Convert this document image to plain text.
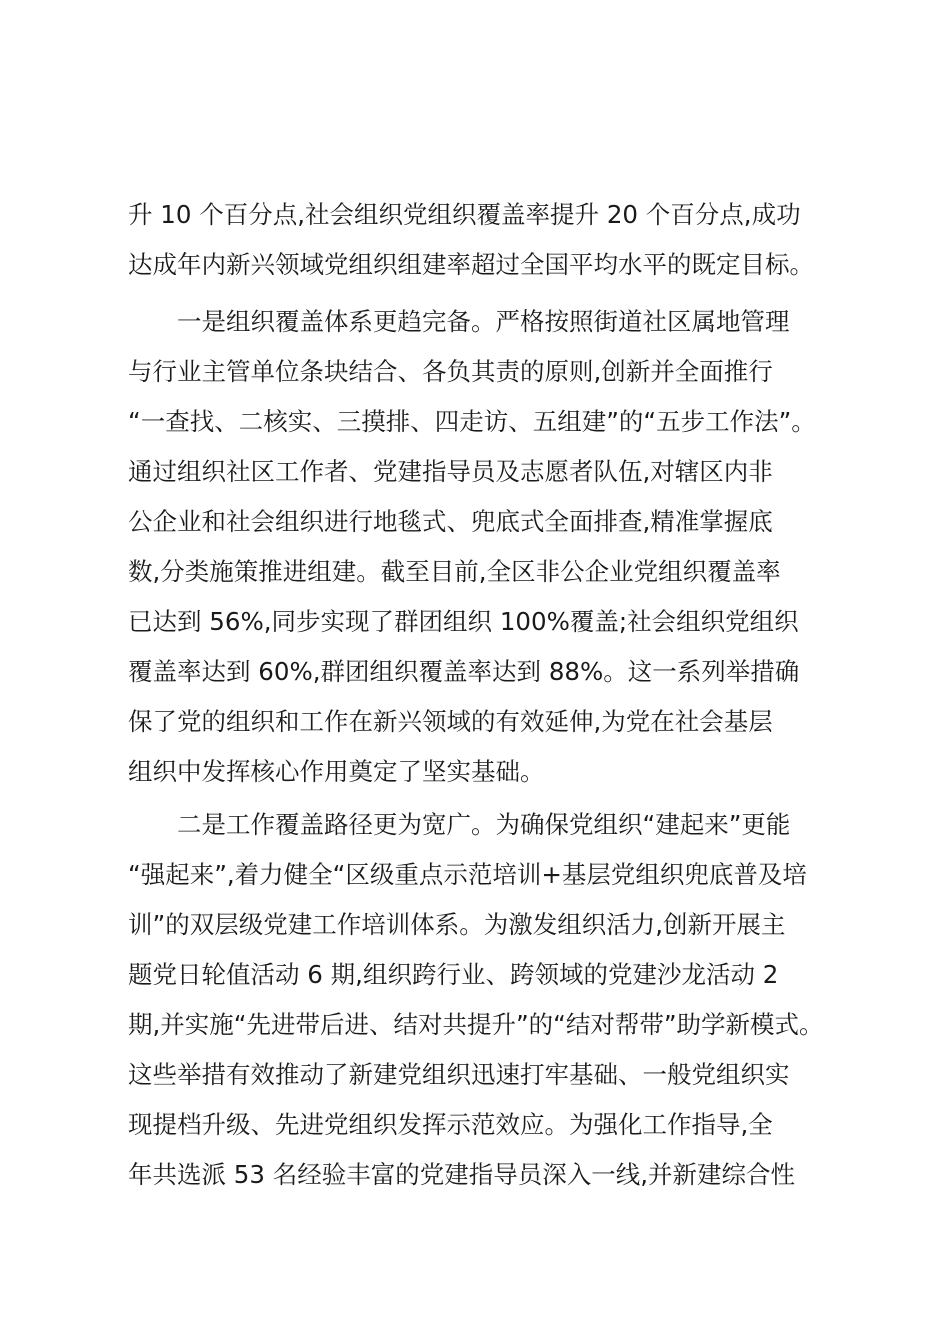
升 10 个百分点,社会组织党组织覆盖率提升 20 个百分点,成功
达成年内新兴领域党组织组建率超过全国平均水平的既定目标。
一是组织覆盖体系更趋完备。严格按照街道社区属地管理
与行业主管单位条块结合、各负其责的原则,创新并全面推行
“一查找、二核实、三摸排、四走访、五组建”的“五步工作法”。
通过组织社区工作者、党建指导员及志愿者队伍,对辖区内非
公企业和社会组织进行地毯式、兜底式全面排查,精准掌握底
数,分类施策推进组建。截至目前,全区非公企业党组织覆盖率
已达到 56%,同步实现了群团组织 100%覆盖;社会组织党组织
覆盖率达到 60%,群团组织覆盖率达到 88%。这一系列举措确
保了党的组织和工作在新兴领域的有效延伸,为党在社会基层
组织中发挥核心作用奠定了坚实基础。
二是工作覆盖路径更为宽广。为确保党组织“建起来”更能
“强起来”,着力健全“区级重点示范培训+基层党组织兜底普及培
训”的双层级党建工作培训体系。为激发组织活力,创新开展主
题党日轮值活动 6 期,组织跨行业、跨领域的党建沙龙活动 2
期,并实施“先进带后进、结对共提升”的“结对帮带”助学新模式。
这些举措有效推动了新建党组织迅速打牢基础、一般党组织实
现提档升级、先进党组织发挥示范效应。为强化工作指导,全
年共选派 53 名经验丰富的党建指导员深入一线,并新建综合性
